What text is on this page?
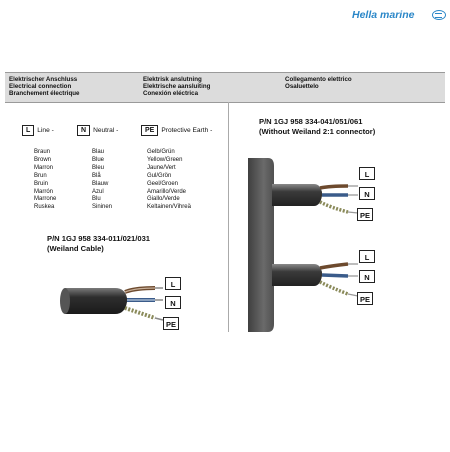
Hella marine
Elektrischer Anschluss
Electrical connection
Branchement électrique
Elektrisk anslutning
Elektrische aansluiting
Conexión eléctrica
Collegamento elettrico
Osaluettelo
L Line -	N Neutral -	PE Protective Earth -
Braun
Brown
Marron
Brun
Bruin
Marrón
Marrone
Ruskea
Blau
Blue
Bleu
Blå
Blauw
Azul
Blu
Sininen
Gelb/Grün
Yellow/Green
Jaune/Vert
Gul/Grön
Geel/Groen
Amarillo/Verde
Giallo/Verde
Keltainen/Vihreä
P/N 1GJ 958 334-011/021/031
(Weiland Cable)
P/N 1GJ 958 334-041/051/061
(Without Weiland 2:1 connector)
L
N
PE
L
N
PE
L
N
PE
